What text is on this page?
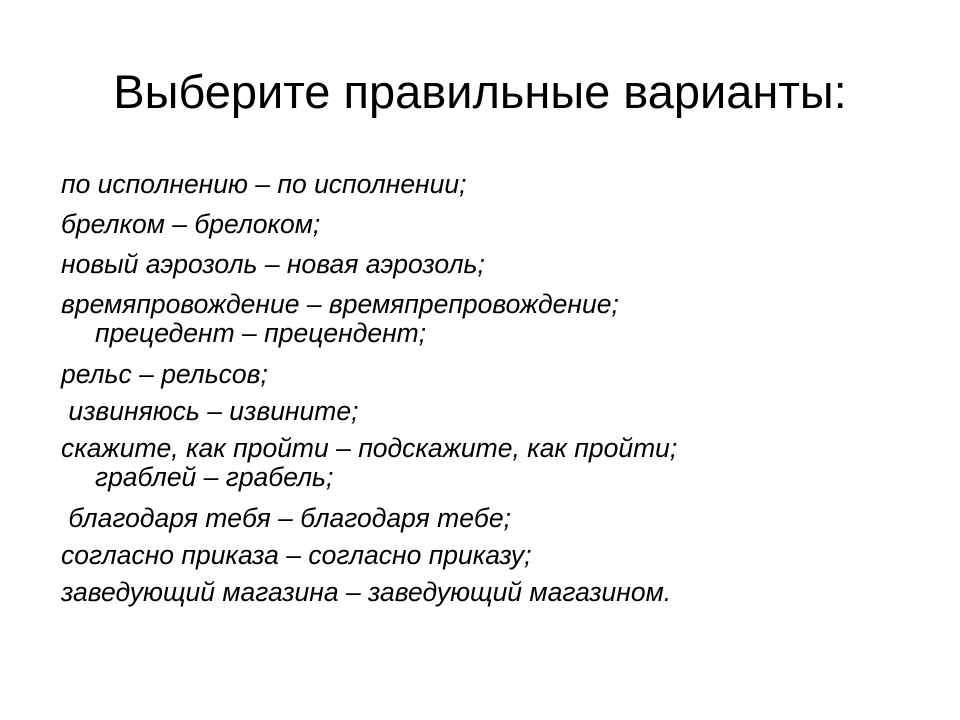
Выберите правильные варианты:
по исполнению – по исполнении;
брелком – брелоком;
новый аэрозоль – новая аэрозоль;
времяпровождение – времяпрепровождение;
прецедент – прецендент;
рельс – рельсов;
извиняюсь – извините;
скажите, как пройти – подскажите, как пройти;
граблей – грабель;
благодаря тебя – благодаря тебе;
согласно приказа – согласно приказу;
заведующий магазина – заведующий магазином.
